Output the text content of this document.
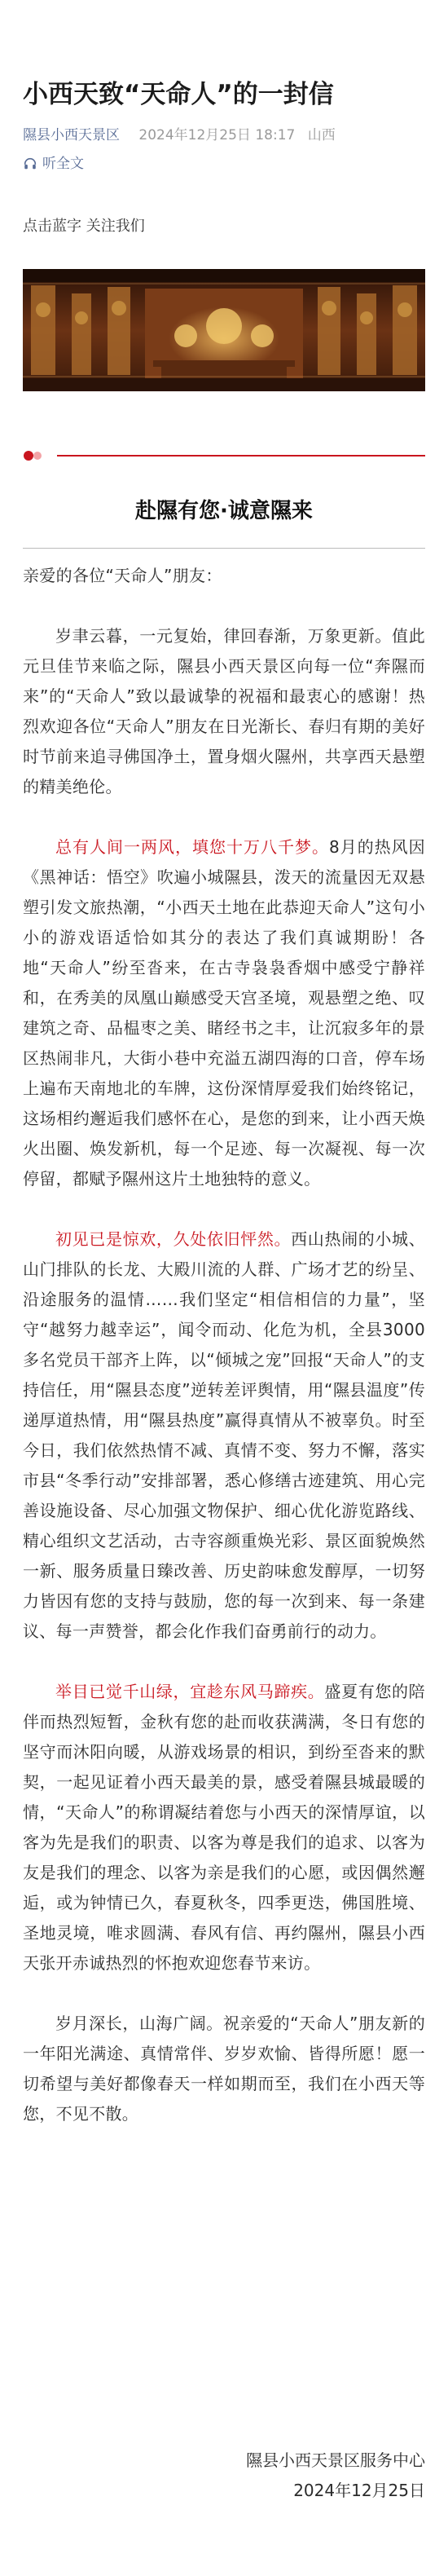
小西天致“天命人”的一封信
隰县小西天景区 2024年12月25日 18:17 山西
听全文
点击蓝字 关注我们
赴隰有您·诚意隰来

亲爱的各位“天命人”朋友：

岁聿云暮，一元复始，律回春渐，万象更新。值此元旦佳节来临之际，隰县小西天景区向每一位“奔隰而来”的“天命人”致以最诚挚的祝福和最衷心的感谢！热烈欢迎各位“天命人”朋友在日光渐长、春归有期的美好时节前来追寻佛国净土，置身烟火隰州，共享西天悬塑的精美绝伦。

总有人间一两风，填您十万八千梦。8月的热风因《黑神话：悟空》吹遍小城隰县，泼天的流量因无双悬塑引发文旅热潮，“小西天土地在此恭迎天命人”这句小小的游戏语适恰如其分的表达了我们真诚期盼！各地“天命人”纷至沓来，在古寺袅袅香烟中感受宁静祥和，在秀美的凤凰山巅感受天宫圣境，观悬塑之绝、叹建筑之奇、品榅枣之美、睹经书之丰，让沉寂多年的景区热闹非凡，大街小巷中充溢五湖四海的口音，停车场上遍布天南地北的车牌，这份深情厚爱我们始终铭记，这场相约邂逅我们感怀在心，是您的到来，让小西天焕火出圈、焕发新机，每一个足迹、每一次凝视、每一次停留，都赋予隰州这片土地独特的意义。

初见已是惊欢，久处依旧怦然。西山热闹的小城、山门排队的长龙、大殿川流的人群、广场才艺的纷呈、沿途服务的温情……我们坚定“相信相信的力量”，坚守“越努力越幸运”，闻令而动、化危为机，全县3000多名党员干部齐上阵，以“倾城之宠”回报“天命人”的支持信任，用“隰县态度”逆转差评舆情，用“隰县温度”传递厚道热情，用“隰县热度”赢得真情从不被辜负。时至今日，我们依然热情不减、真情不变、努力不懈，落实市县“冬季行动”安排部署，悉心修缮古迹建筑、用心完善设施设备、尽心加强文物保护、细心优化游览路线、精心组织文艺活动，古寺容颜重焕光彩、景区面貌焕然一新、服务质量日臻改善、历史韵味愈发醇厚，一切努力皆因有您的支持与鼓励，您的每一次到来、每一条建议、每一声赞誉，都会化作我们奋勇前行的动力。

举目已觉千山绿，宜趁东风马蹄疾。盛夏有您的陪伴而热烈短暂，金秋有您的赴而收获满满，冬日有您的坚守而沐阳向暖，从游戏场景的相识，到纷至沓来的默契，一起见证着小西天最美的景，感受着隰县城最暖的情，“天命人”的称谓凝结着您与小西天的深情厚谊，以客为先是我们的职责、以客为尊是我们的追求、以客为友是我们的理念、以客为亲是我们的心愿，或因偶然邂逅，或为钟情已久，春夏秋冬，四季更迭，佛国胜境、圣地灵境，唯求圆满、春风有信、再约隰州，隰县小西天张开赤诚热烈的怀抱欢迎您春节来访。

岁月深长，山海广阔。祝亲爱的“天命人”朋友新的一年阳光满途、真情常伴、岁岁欢愉、皆得所愿！愿一切希望与美好都像春天一样如期而至，我们在小西天等您，不见不散。

隰县小西天景区服务中心
2024年12月25日
